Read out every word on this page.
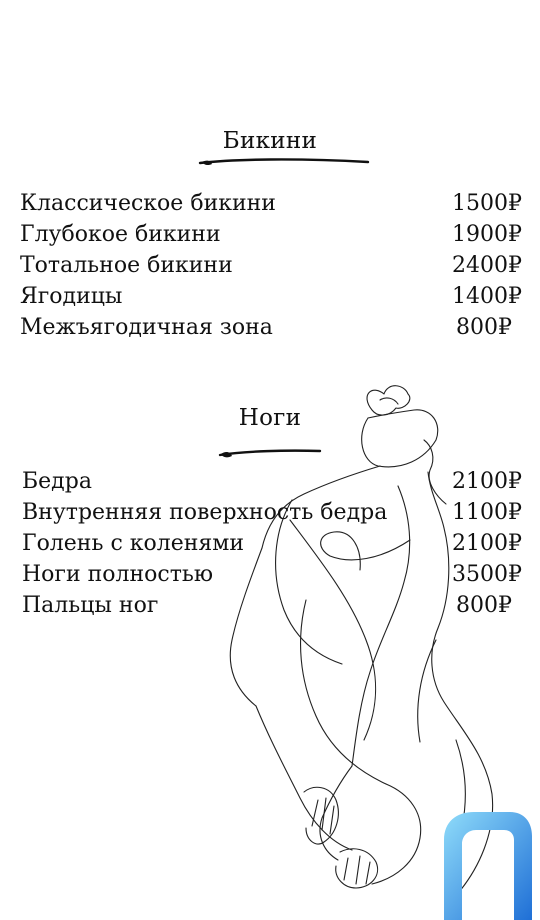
Бикини
Классическое бикини	1500₽
Глубокое бикини	1900₽
Тотальное бикини	2400₽
Ягодицы	1400₽
Межъягодичная зона	800₽
Ноги
Бедра	2100₽
Внутренняя поверхность бедра	1100₽
Голень с коленями	2100₽
Ноги полностью	3500₽
Пальцы ног	800₽
